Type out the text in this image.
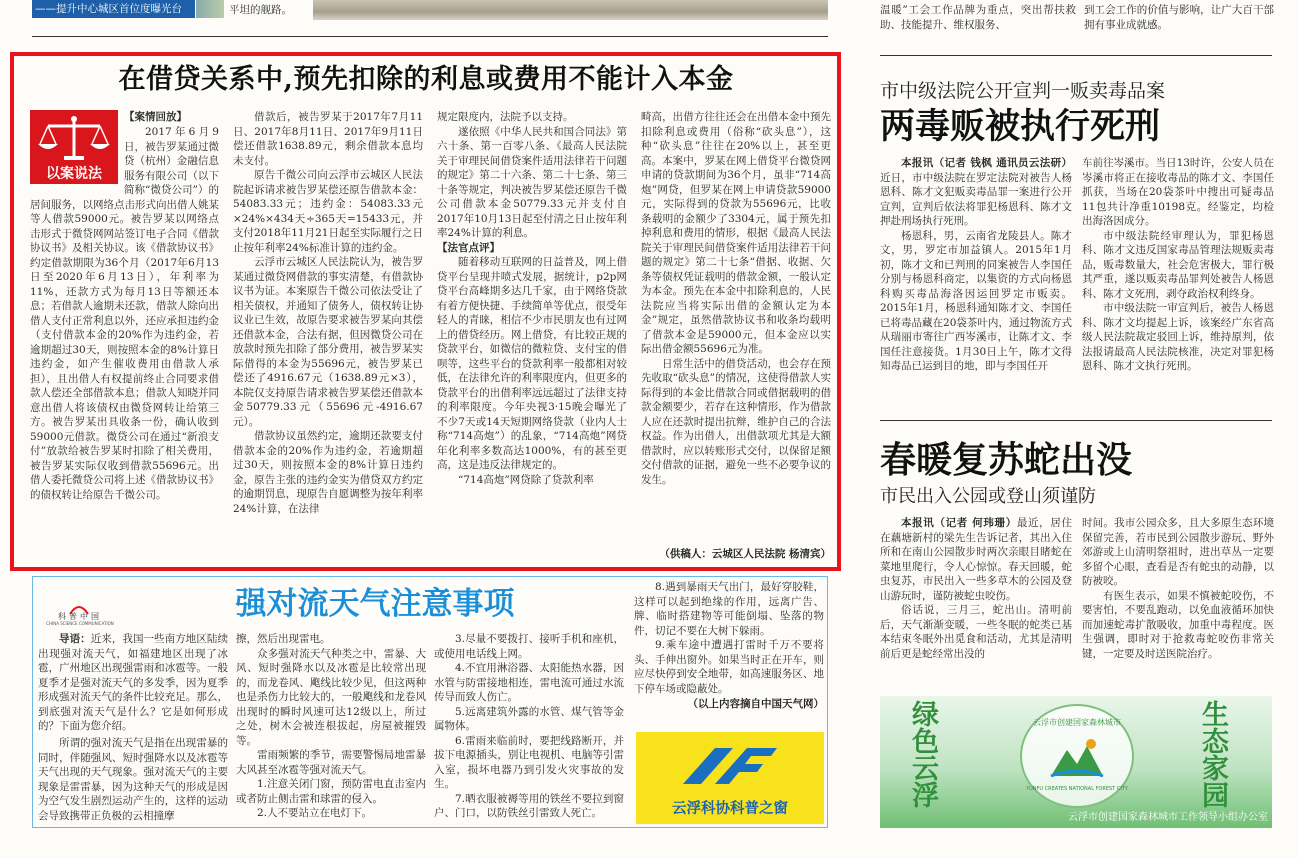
——提升中心城区首位度曝光台	平坦的舰路。	温暖”工会工作品牌为重点，突出帮扶救助、技能提升、维权服务、
到工会工作的价值与影响，让广大百干部拥有事业成就感。
在借贷关系中,预先扣除的利息或费用不能计入本金
以案说法

【案情回放】

2017年6月9日，被告罗某通过微贷（杭州）金融信息服务有限公司（以下简称“微贷公司”）的居间服务，以网络点击形式向出借人姚某等人借款59000元。被告罗某以网络点击形式于微贷网网站签订电子合同《借款协议书》及相关协议。该《借款协议书》约定借款期限为36个月（2017年6月13日至2020年6月13日），年利率为11%，还款方式为每月13日等额还本息；若借款人逾期未还款，借款人除向出借人支付正常利息以外，还应承担违约金（支付借款本金的20%作为违约金，若逾期超过30天，则按照本金的8%计算日违约金，如产生催收费用由借款人承担），且出借人有权提前终止合同要求借款人偿还全部借款本息；借款人知晓并同意出借人将该债权由微贷网转让给第三方。被告罗某出具收条一份，确认收到59000元借款。微贷公司在通过“新浪支付”放款给被告罗某时扣除了相关费用，被告罗某实际仅收到借款55696元。出借人委托微贷公司将上述《借款协议书》的债权转让给原告千微公司。

借款后，被告罗某于2017年7月11日、2017年8月11日、2017年9月11日偿还借款1638.89元，剩余借款本息均未支付。

原告千微公司向云浮市云城区人民法院起诉请求被告罗某偿还原告借款本金：54083.33元；违约金：54083.33元×24%×434天÷365天=15433元，并支付2018年11月21日起至实际履行之日止按年利率24%标准计算的违约金。

云浮市云城区人民法院认为，被告罗某通过微贷网借款的事实清楚，有借款协议书为证。本案原告千微公司依法受让了相关债权，并通知了债务人，债权转让协议业已生效，故原告要求被告罗某向其偿还借款本金，合法有据，但因微贷公司在放款时预先扣除了部分费用，被告罗某实际借得的本金为55696元，被告罗某已偿还了4916.67元（1638.89元×3），本院仅支持原告请求被告罗某偿还借款本金50779.33元（55696元-4916.67元）。

借款协议虽然约定，逾期还款要支付借款本金的20%作为违约金，若逾期超过30天，则按照本金的8%计算日违约金，原告主张的违约金实为借贷双方约定的逾期罚息，现原告自愿调整为按年利率24%计算，在法律

规定限度内，法院予以支持。

遂依照《中华人民共和国合同法》第六十条、第一百零八条、《最高人民法院关于审理民间借贷案件适用法律若干问题的规定》第二十六条、第二十七条、第三十条等规定，判决被告罗某偿还原告千微公司借款本金50779.33元并支付自2017年10月13日起至付清之日止按年利率24%计算的利息。

【法官点评】

随着移动互联网的日益普及，网上借贷平台呈现井喷式发展，据统计，p2p网贷平台高峰期多达几千家，由于网络贷款有着方便快捷、手续简单等优点，很受年轻人的青睐，相信不少市民朋友也有过网上的借贷经历。网上借贷，有比较正规的贷款平台，如微信的微粒贷、支付宝的借呗等，这些平台的贷款利率一般都相对较低，在法律允许的利率限度内，但更多的贷款平台的出借利率远远超过了法律支持的利率限度。今年央视3·15晚会曝光了不少7天或14天短期网络贷款（业内人士称“714高炮”）的乱象，“714高炮”网贷年化利率多数高达1000%，有的甚至更高，这是违反法律规定的。

“714高炮”网贷除了贷款利率

畸高，出借方往往还会在出借本金中预先扣除利息或费用（俗称“砍头息”），这种“砍头息”往往在20%以上，甚至更高。本案中，罗某在网上借贷平台微贷网申请的贷款期间为36个月，虽非“714高炮”网贷，但罗某在网上申请贷款59000元，实际得到的贷款为55696元，比收条载明的金额少了3304元，属于预先扣掉利息和费用的情形，根据《最高人民法院关于审理民间借贷案件适用法律若干问题的规定》第二十七条“借据、收据、欠条等债权凭证载明的借款金额，一般认定为本金。预先在本金中扣除利息的，人民法院应当将实际出借的金额认定为本金”规定，虽然借款协议书和收条均载明了借款本金是59000元，但本金应以实际出借金额55696元为准。

日常生活中的借贷活动，也会存在预先收取“砍头息”的情况，这使得借款人实际得到的本金比借款合同或借据载明的借款金额要少，若存在这种情形，作为借款人应在还款时提出抗辩，维护自己的合法权益。作为出借人，出借款项尤其是大额借款时，应以转账形式交付，以保留足额交付借款的证据，避免一些不必要争议的发生。

（供稿人：云城区人民法院 杨清宾）
强对流天气注意事项
科普中国
CHINA SCIENCE COMMUNICATION

导语：近来，我国一些南方地区陆续出现强对流天气，如福建地区出现了冰雹，广州地区出现强雷雨和冰雹等。一般夏季才是强对流天气的多发季，因为夏季形成强对流天气的条件比较充足。那么，到底强对流天气是什么？它是如何形成的？下面为您介绍。

所谓的强对流天气是指在出现雷暴的同时，伴随强风、短时强降水以及冰雹等天气出现的天气现象。强对流天气的主要现象是雷雷暴，因为这种天气的形成是因为空气发生剧烈运动产生的，这样的运动会导致携带正负极的云相撞摩

擦，然后出现雷电。

众多强对流天气种类之中，雷暴、大风、短时强降水以及冰雹是比较常出现的，而龙卷风、飑线比较少见，但这两种也是杀伤力比较大的，一般飑线和龙卷风出现时的瞬时风速可达12级以上，所过之处，树木会被连根拔起，房屋被摧毁等。

雷雨频繁的季节，需要警惕局地雷暴大风甚至冰雹等强对流天气。

1.注意关闭门窗，预防雷电直击室内或者防止侧击雷和球雷的侵入。

2.人不要站立在电灯下。

3.尽量不要拨打、接听手机和座机，或使用电话线上网。

4.不宜用淋浴器、太阳能热水器，因水管与防雷接地相连，雷电流可通过水流传导而致人伤亡。

5.远离建筑外露的水管、煤气管等金属物体。

6.雷雨来临前时，要把线路断开，并拔下电源插头，别让电视机、电脑等引雷入室，损坏电器乃到引发火灾事故的发生。

7.晒衣服被褥等用的铁丝不要拉到窗户、门口，以防铁丝引雷致人死亡。

8.遇到暴雨天气出门，最好穿胶鞋，这样可以起到绝缘的作用，远离广告、牌、临时搭建物等可能倒塌、坠落的物件，切记不要在大树下躲雨。

9.乘车途中遭遇打雷时千万不要将头、手伸出窗外。如果当时正在开车，则应尽快停到安全地带，如高速服务区、地下停车场或隐蔽处。

（以上内容摘自中国天气网）
云浮科协科普之窗
市中级法院公开宣判一贩卖毒品案
两毒贩被执行死刑

本报讯（记者 钱枫 通讯员云法研）近日，市中级法院在罗定法院对被告人杨恩科、陈才文犯贩卖毒品罪一案进行公开宣判，宣判后依法将罪犯杨恩科、陈才文押赴刑场执行死刑。

杨恩科，男，云南省龙陵县人。陈才文，男，罗定市加益镇人。2015年1月初，陈才文和已判刑的同案被告人李国任分别与杨恩科商定，以集资的方式向杨恩科购买毒品海洛因运回罗定市贩卖。2015年1月，杨恩科通知陈才文、李国任已将毒品藏在20袋茶叶内，通过物流方式从瑞丽市寄往广西岑溪市，让陈才文、李国任注意接货。1月30日上午，陈才文得知毒品已运到目的地，即与李国任开

车前往岑溪市。当日13时许，公安人员在岑溪市将正在接收毒品的陈才文、李国任抓获，当场在20袋茶叶中搜出可疑毒品11包共计净重10198克。经鉴定，均检出海洛因成分。

市中级法院经审理认为，罪犯杨恩科、陈才文违反国家毒品管理法规贩卖毒品，贩毒数量大，社会危害极大，罪行极其严重，遂以贩卖毒品罪判处被告人杨恩科、陈才文死刑，剥夺政治权利终身。

市中级法院一审宣判后，被告人杨恩科、陈才文均提起上诉，该案经广东省高级人民法院裁定驳回上诉，维持原判，依法报请最高人民法院核准，决定对罪犯杨恩科、陈才文执行死刑。

春暖复苏蛇出没
市民出入公园或登山须谨防

本报讯（记者 何玮珊）最近，居住在藕塘新村的梁先生告诉记者，其出入住所和在南山公园散步时两次亲眼目睹蛇在菜地里爬行，令人心惊惊。春天回暖，蛇虫复苏，市民出入一些多草木的公园及登山游玩时，谨防被蛇虫咬伤。

俗话说，三月三，蛇出山。清明前后，天气渐渐变暖，一些冬眠的蛇类已基本结束冬眠外出觅食和活动，尤其是清明前后更是蛇经常出没的

时间。我市公园众多，且大多原生态环境保留完善，若市民到公园散步游玩、野外郊游或上山清明祭祖时，进出草丛一定要多留个心眼，查看是否有蛇虫的动静，以防被咬。

有医生表示，如果不慎被蛇咬伤，不要害怕，不要乱跑动，以免血液循环加快而加速蛇毒扩散吸收，加重中毒程度。医生强调，即时对于抢救毒蛇咬伤非常关键，一定要及时送医院治疗。

绿色云浮	生态家园
云浮市创建国家森林城市
YUNFU CREATES NATIONAL FOREST CITY
云浮市创建国家森林城市工作领导小组办公室
